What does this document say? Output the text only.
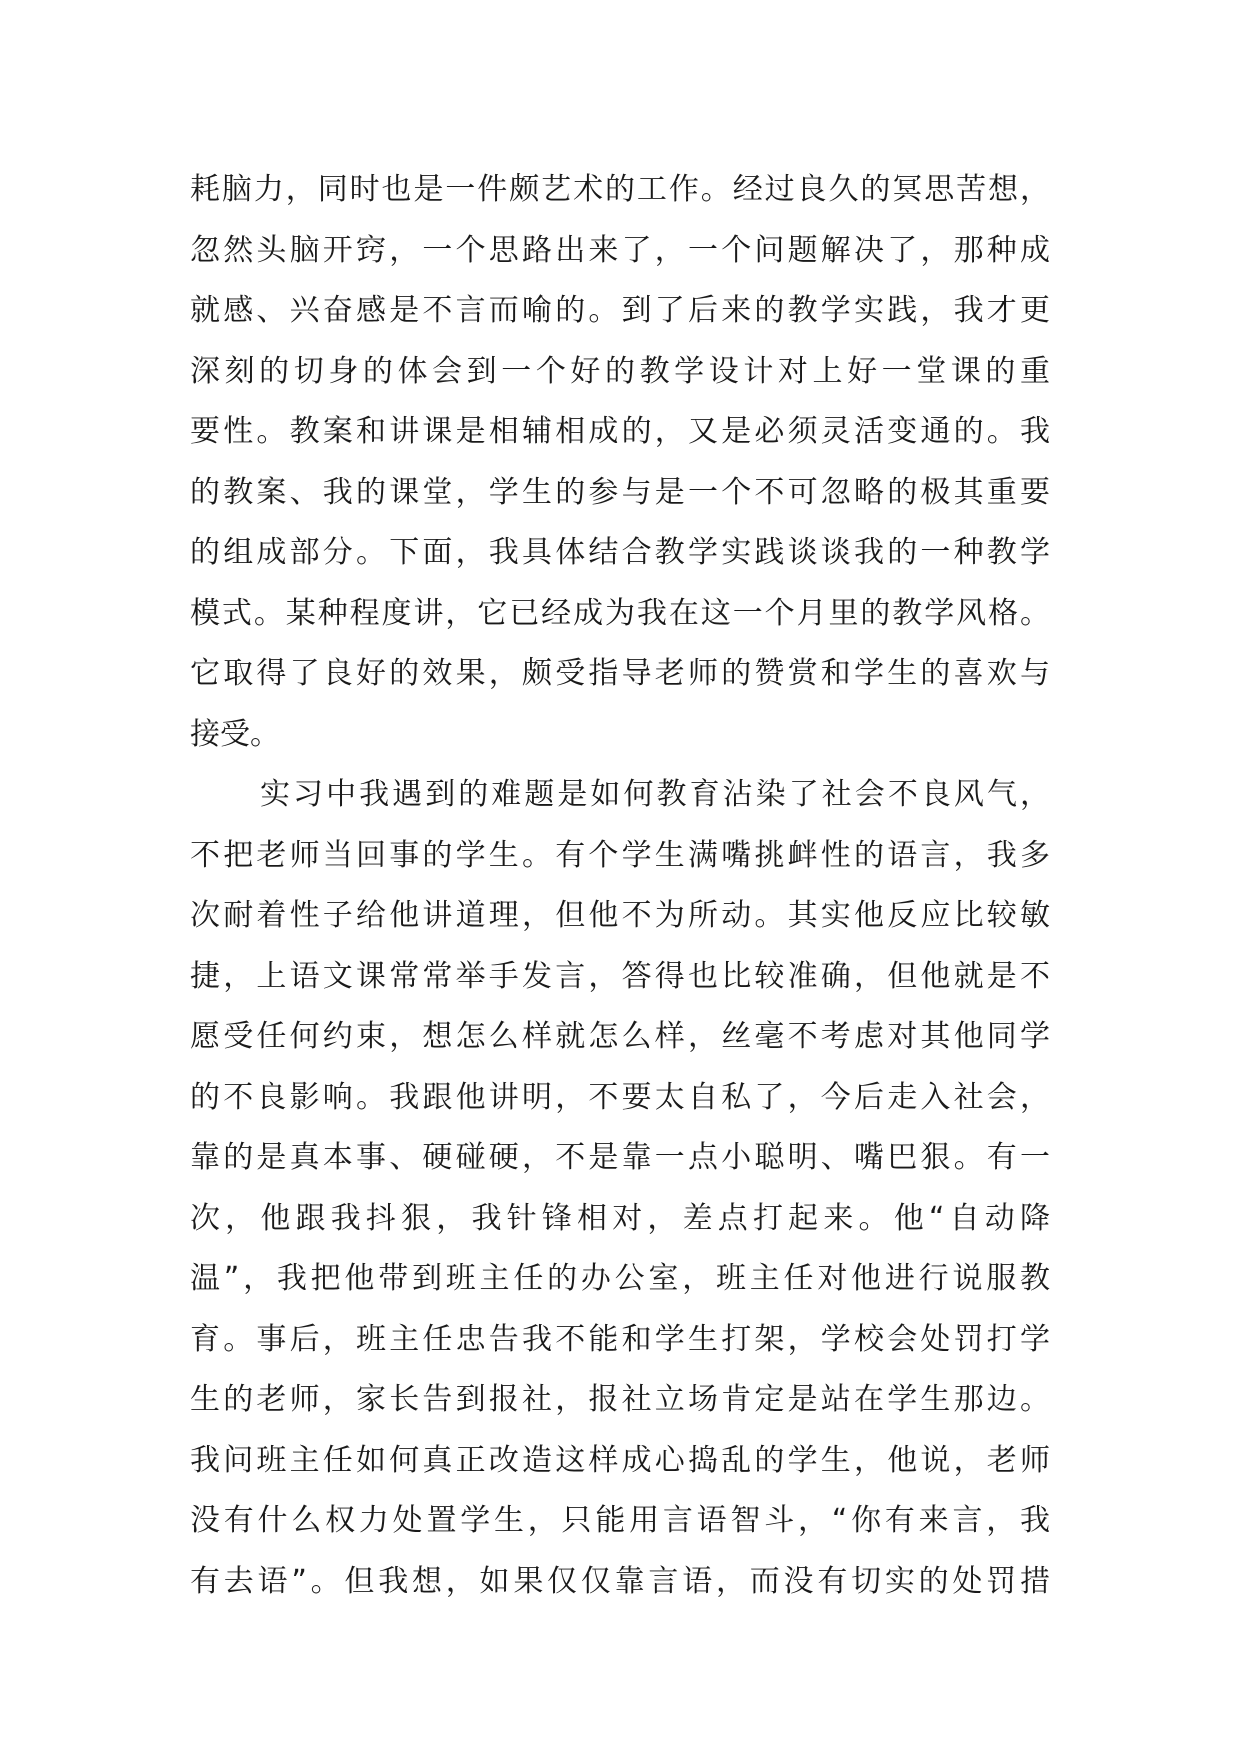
耗脑力，同时也是一件颇艺术的工作。经过良久的冥思苦想，
忽然头脑开窍，一个思路出来了，一个问题解决了，那种成
就感、兴奋感是不言而喻的。到了后来的教学实践，我才更
深刻的切身的体会到一个好的教学设计对上好一堂课的重
要性。教案和讲课是相辅相成的，又是必须灵活变通的。我
的教案、我的课堂，学生的参与是一个不可忽略的极其重要
的组成部分。下面，我具体结合教学实践谈谈我的一种教学
模式。某种程度讲，它已经成为我在这一个月里的教学风格。
它取得了良好的效果，颇受指导老师的赞赏和学生的喜欢与
接受。
实习中我遇到的难题是如何教育沾染了社会不良风气，
不把老师当回事的学生。有个学生满嘴挑衅性的语言，我多
次耐着性子给他讲道理，但他不为所动。其实他反应比较敏
捷，上语文课常常举手发言，答得也比较准确，但他就是不
愿受任何约束，想怎么样就怎么样，丝毫不考虑对其他同学
的不良影响。我跟他讲明，不要太自私了，今后走入社会，
靠的是真本事、硬碰硬，不是靠一点小聪明、嘴巴狠。有一
次，他跟我抖狠，我针锋相对，差点打起来。他“自动降
温”，我把他带到班主任的办公室，班主任对他进行说服教
育。事后，班主任忠告我不能和学生打架，学校会处罚打学
生的老师，家长告到报社，报社立场肯定是站在学生那边。
我问班主任如何真正改造这样成心捣乱的学生，他说，老师
没有什么权力处置学生，只能用言语智斗，“你有来言，我
有去语”。但我想，如果仅仅靠言语，而没有切实的处罚措
